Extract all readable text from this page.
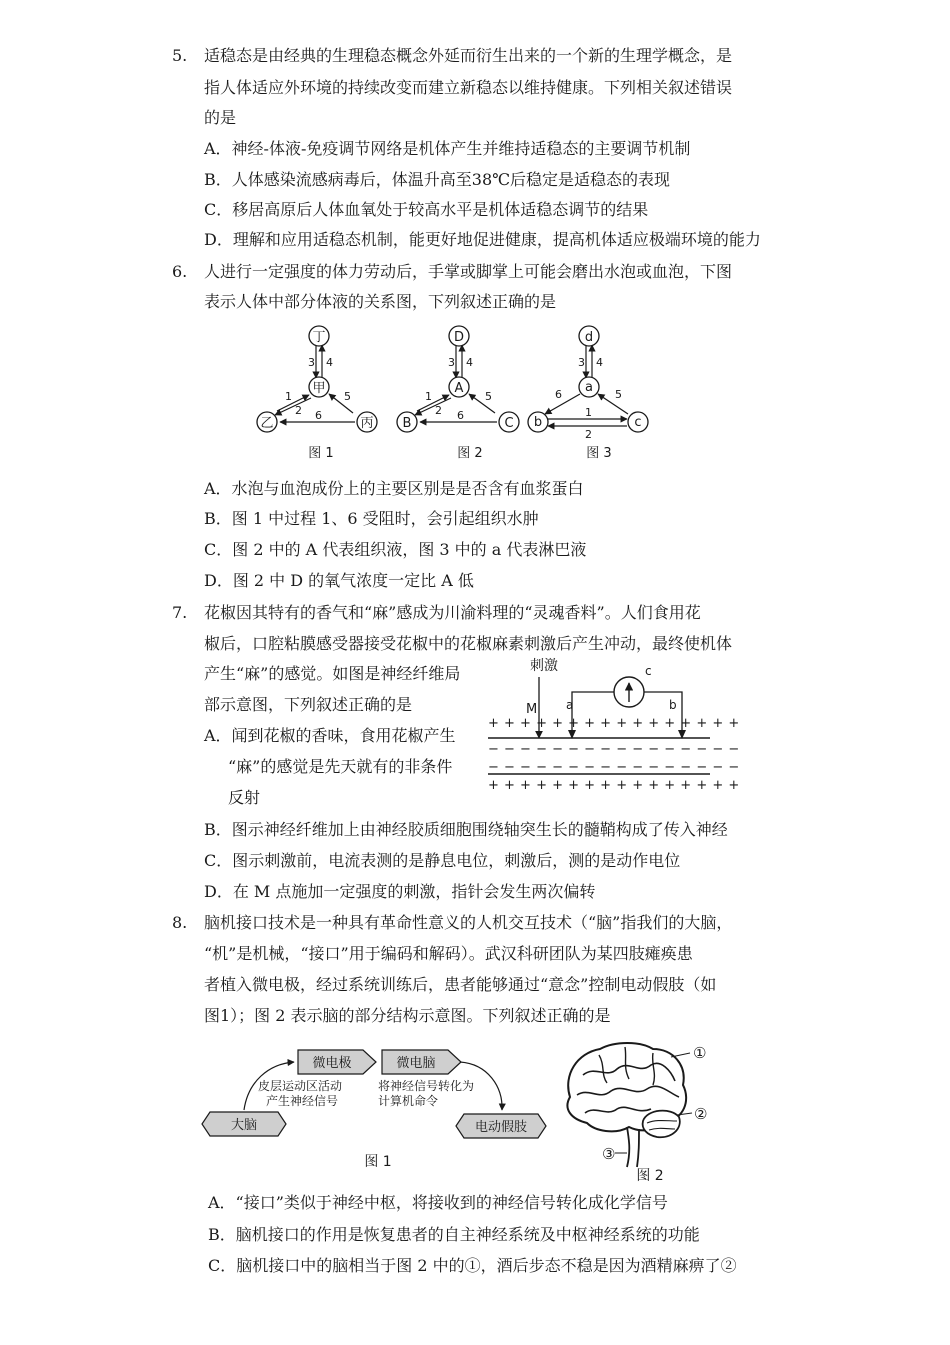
5. 适稳态是由经典的生理稳态概念外延而衍生出来的一个新的生理学概念，是
指人体适应外环境的持续改变而建立新稳态以维持健康。下列相关叙述错误
的是
A．神经-体液-免疫调节网络是机体产生并维持适稳态的主要调节机制
B．人体感染流感病毒后，体温升高至38℃后稳定是适稳态的表现
C．移居高原后人体血氧处于较高水平是机体适稳态调节的结果
D．理解和应用适稳态机制，能更好地促进健康，提高机体适应极端环境的能力
6. 人进行一定强度的体力劳动后，手掌或脚掌上可能会磨出水泡或血泡，下图
表示人体中部分体液的关系图，下列叙述正确的是
丁
甲
乙	丙
3 4
1
2
5
6
图 1
D
A
B	C
3 4
1
2
5
6
图 2
d
a
b	c
3 4
6	5
1
2
图 3
A．水泡与血泡成份上的主要区别是是否含有血浆蛋白
B．图 1 中过程 1、6 受阻时，会引起组织水肿
C．图 2 中的 A 代表组织液，图 3 中的 a 代表淋巴液
D．图 2 中 D 的氧气浓度一定比 A 低
7. 花椒因其特有的香气和“麻”感成为川渝料理的“灵魂香料”。人们食用花
椒后，口腔粘膜感受器接受花椒中的花椒麻素刺激后产生冲动，最终使机体
产生“麻”的感觉。如图是神经纤维局
部示意图，下列叙述正确的是
A．闻到花椒的香味，食用花椒产生
“麻”的感觉是先天就有的非条件
反射
刺激	c
M a	b
+ + + + + + + + + + + + + + + +
− − − − − − − − − − − − − − − −
− − − − − − − − − − − − − − − −
+ + + + + + + + + + + + + + + +
B．图示神经纤维加上由神经胶质细胞围绕轴突生长的髓鞘构成了传入神经
C．图示刺激前，电流表测的是静息电位，刺激后，测的是动作电位
D．在 M 点施加一定强度的刺激，指针会发生两次偏转
8. 脑机接口技术是一种具有革命性意义的人机交互技术（“脑”指我们的大脑，
“机”是机械，“接口”用于编码和解码）。武汉科研团队为某四肢瘫痪患
者植入微电极，经过系统训练后，患者能够通过“意念”控制电动假肢（如
图1）；图 2 表示脑的部分结构示意图。下列叙述正确的是
微电极	微电脑
大脑	电动假肢
皮层运动区活动
产生神经信号
将神经信号转化为
计算机命令
图 1
①
②
③
图 2
A．“接口”类似于神经中枢，将接收到的神经信号转化成化学信号
B．脑机接口的作用是恢复患者的自主神经系统及中枢神经系统的功能
C．脑机接口中的脑相当于图 2 中的①，酒后步态不稳是因为酒精麻痹了②
